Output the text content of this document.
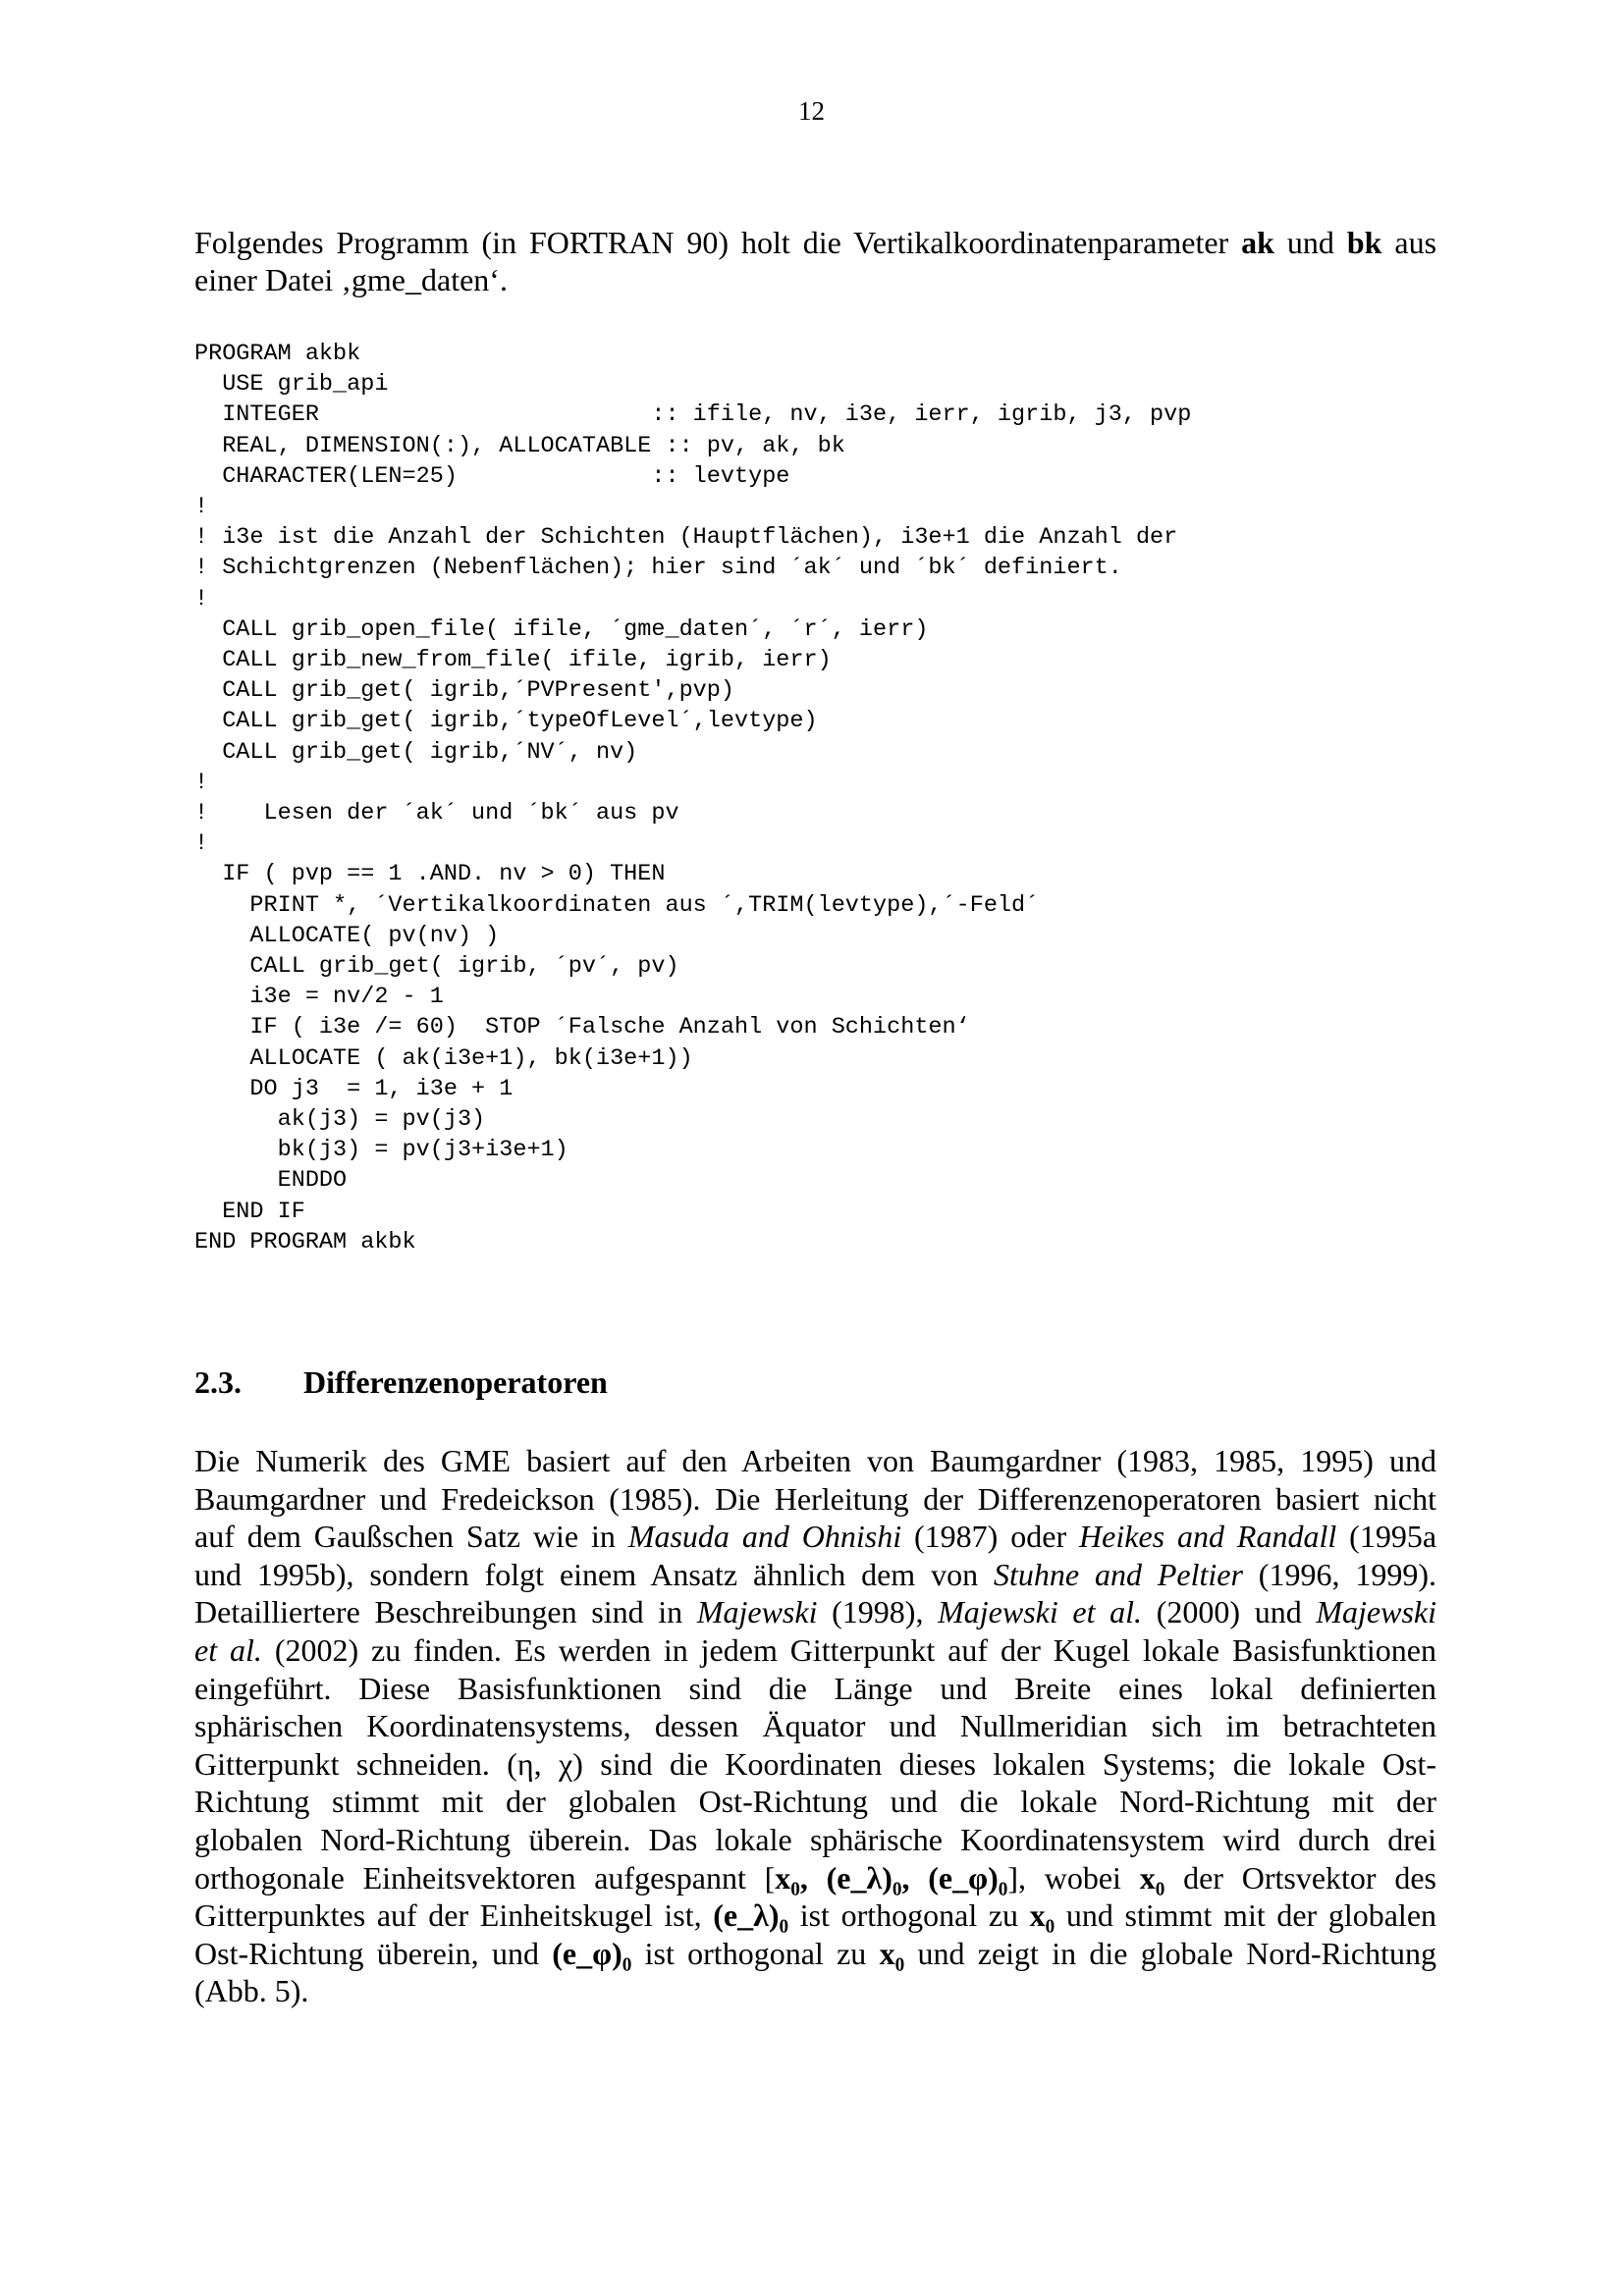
12

Folgendes Programm (in FORTRAN 90) holt die Vertikalkoordinatenparameter ak und bk aus einer Datei ‚gme_daten‘.

PROGRAM akbk
USE grib_api
INTEGER                        :: ifile, nv, i3e, ierr, igrib, j3, pvp
REAL, DIMENSION(:), ALLOCATABLE :: pv, ak, bk
CHARACTER(LEN=25)              :: levtype
!
! i3e ist die Anzahl der Schichten (Hauptflächen), i3e+1 die Anzahl der
! Schichtgrenzen (Nebenflächen); hier sind ´ak´ und ´bk´ definiert.
!
CALL grib_open_file( ifile, ´gme_daten´, ´r´, ierr)
CALL grib_new_from_file( ifile, igrib, ierr)
CALL grib_get( igrib,´PVPresent',pvp)
CALL grib_get( igrib,´typeOfLevel´,levtype)
CALL grib_get( igrib,´NV´, nv)
!
!    Lesen der ´ak´ und ´bk´ aus pv
!
IF ( pvp == 1 .AND. nv > 0) THEN
PRINT *, ´Vertikalkoordinaten aus ´,TRIM(levtype),´-Feld´
ALLOCATE( pv(nv) )
CALL grib_get( igrib, ´pv´, pv)
i3e = nv/2 - 1
IF ( i3e /= 60)  STOP ´Falsche Anzahl von Schichten‘
ALLOCATE ( ak(i3e+1), bk(i3e+1))
DO j3  = 1, i3e + 1
ak(j3) = pv(j3)
bk(j3) = pv(j3+i3e+1)
ENDDO
END IF
END PROGRAM akbk
2.3. Differenzenoperatoren
Die Numerik des GME basiert auf den Arbeiten von Baumgardner (1983, 1985, 1995) und
Baumgardner und Fredeickson (1985). Die Herleitung der Differenzenoperatoren basiert nicht
auf dem Gaußschen Satz wie in Masuda and Ohnishi (1987) oder Heikes and Randall (1995a
und 1995b), sondern folgt einem Ansatz ähnlich dem von Stuhne and Peltier (1996, 1999).
Detailliertere Beschreibungen sind in Majewski (1998), Majewski et al. (2000) und Majewski
et al. (2002) zu finden. Es werden in jedem Gitterpunkt auf der Kugel lokale Basisfunktionen
eingeführt. Diese Basisfunktionen sind die Länge und Breite eines lokal definierten
sphärischen Koordinatensystems, dessen Äquator und Nullmeridian sich im betrachteten
Gitterpunkt schneiden. (η, χ) sind die Koordinaten dieses lokalen Systems; die lokale Ost-
Richtung stimmt mit der globalen Ost-Richtung und die lokale Nord-Richtung mit der
globalen Nord-Richtung überein. Das lokale sphärische Koordinatensystem wird durch drei
orthogonale Einheitsvektoren aufgespannt [x₀, (e_λ)₀, (e_φ)₀], wobei x₀ der Ortsvektor des
Gitterpunktes auf der Einheitskugel ist, (e_λ)₀ ist orthogonal zu x₀ und stimmt mit der globalen
Ost-Richtung überein, und (e_φ)₀ ist orthogonal zu x₀ und zeigt in die globale Nord-Richtung
(Abb. 5).
